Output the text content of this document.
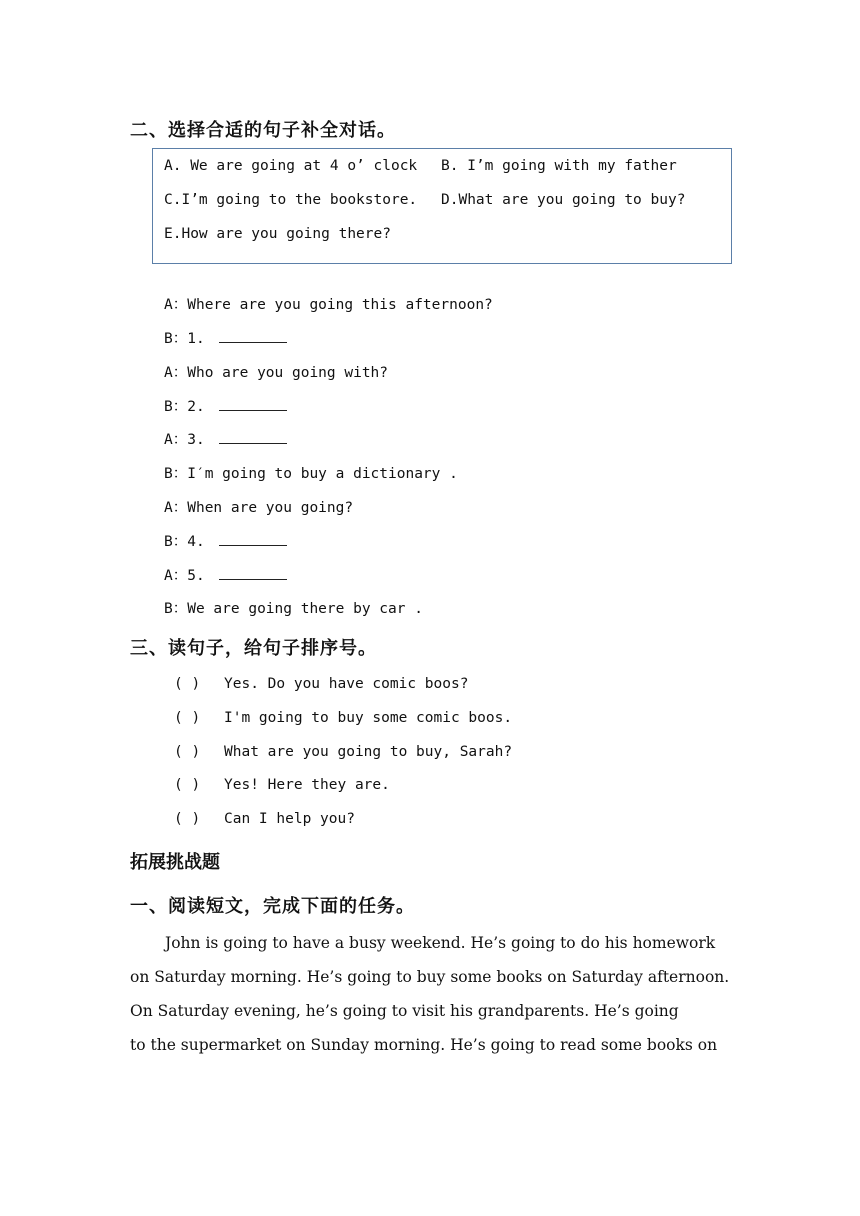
二、选择合适的句子补全对话。
A. We are going at 4 o’ clock B. I’m going with my father
C.I’m going to the bookstore. D.What are you going to buy?
E.How are you going there?
A：Where are you going this afternoon?
B：1.
A：Who are you going with?
B：2.
A：3.
B：I′m going to buy a dictionary .
A：When are you going?
B：4.
A：5.
B：We are going there by car .
三、读句子，给句子排序号。
( ) Yes. Do you have comic boos?
( ) I'm going to buy some comic boos.
( ) What are you going to buy, Sarah?
( ) Yes! Here they are.
( ) Can I help you?
拓展挑战题
一、阅读短文，完成下面的任务。
John is going to have a busy weekend. He’s going to do his homework
on Saturday morning. He’s going to buy some books on Saturday afternoon.
On Saturday evening, he’s going to visit his grandparents. He’s going
to the supermarket on Sunday morning. He’s going to read some books on
